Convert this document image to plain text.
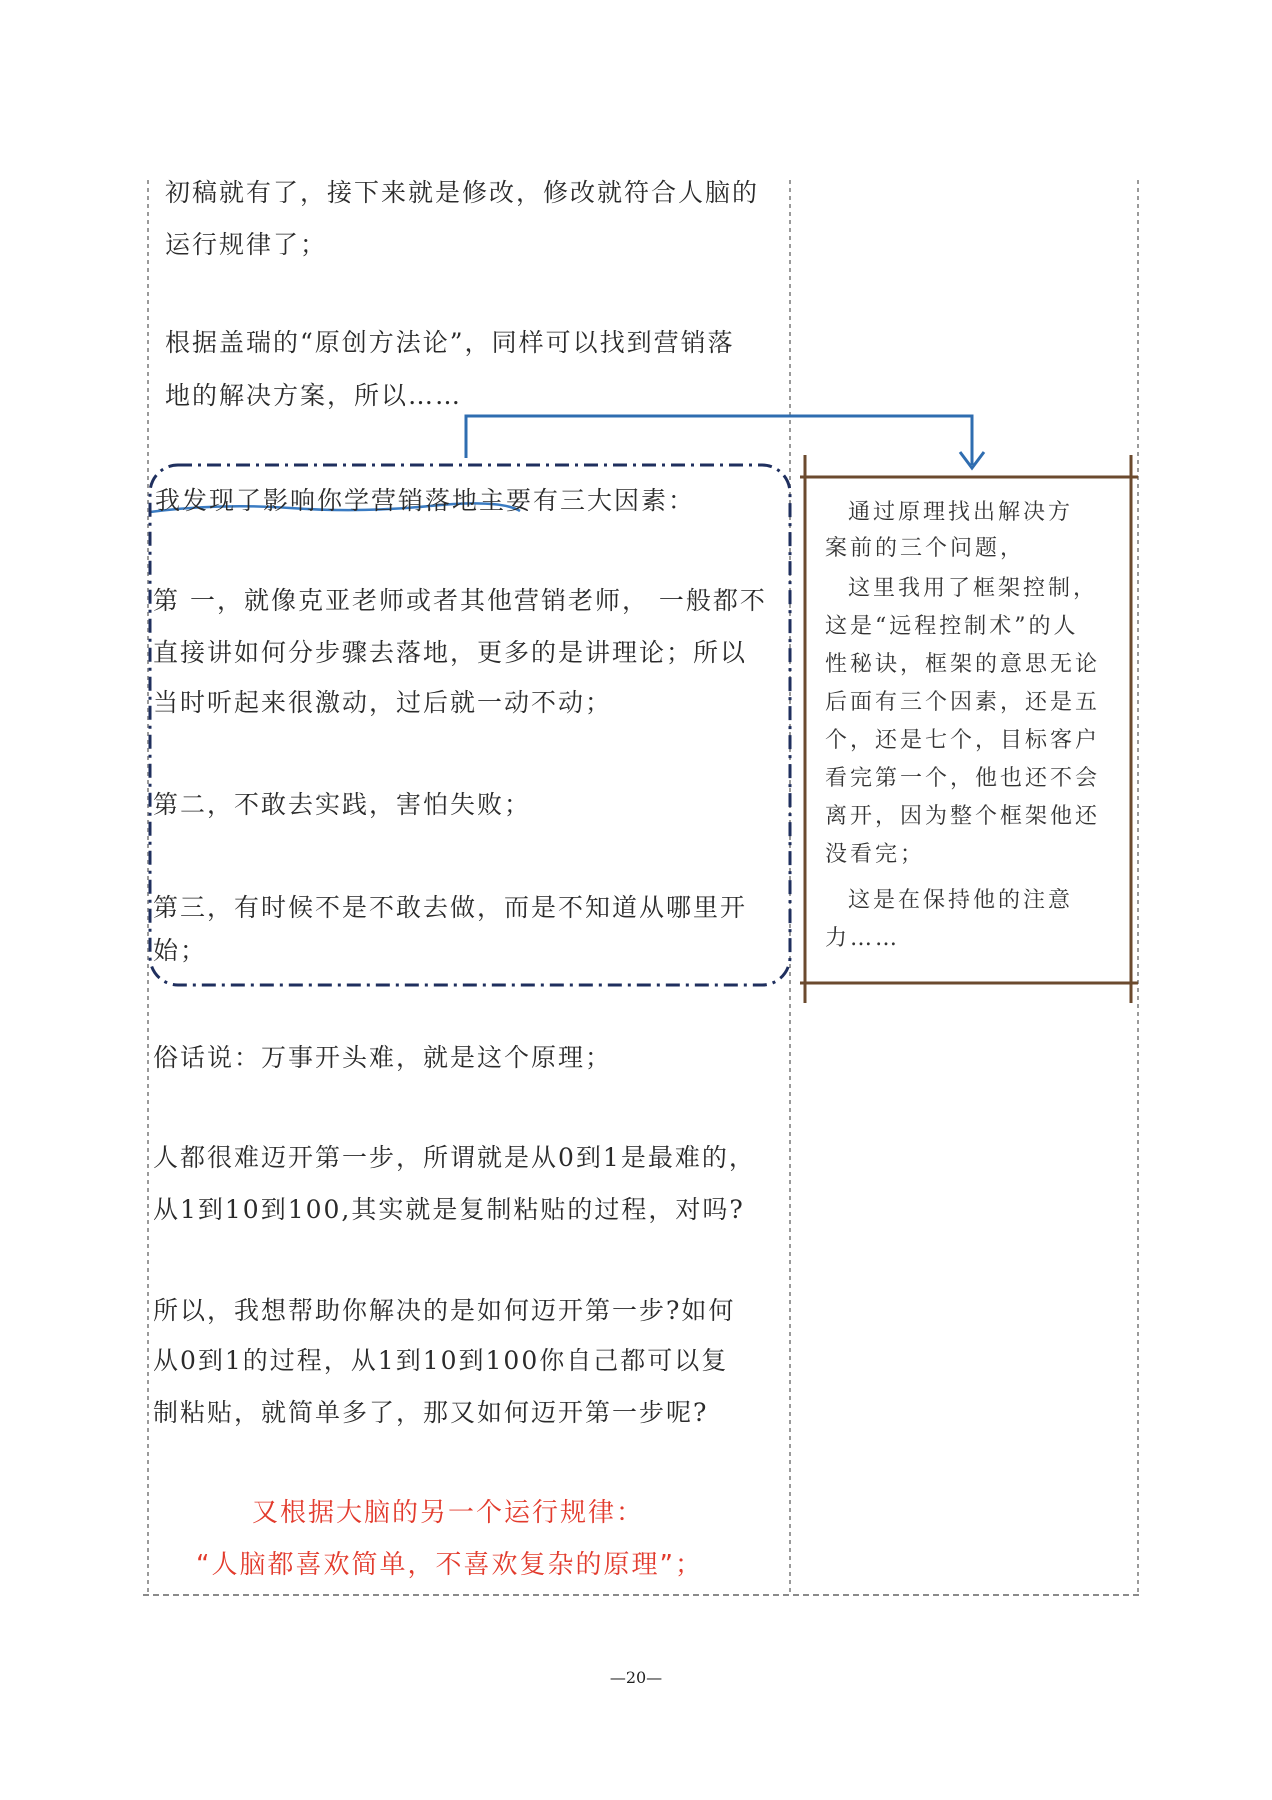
初稿就有了，接下来就是修改，修改就符合人脑的
运行规律了；
根据盖瑞的“原创方法论”，同样可以找到营销落
地的解决方案，所以……
我发现了影响你学营销落地主要有三大因素：
第 一，就像克亚老师或者其他营销老师， 一般都不
直接讲如何分步骤去落地，更多的是讲理论；所以
当时听起来很激动，过后就一动不动；
第二，不敢去实践，害怕失败；
第三，有时候不是不敢去做，而是不知道从哪里开
始；
俗话说：万事开头难，就是这个原理；
人都很难迈开第一步，所谓就是从0到1是最难的，
从1到10到100,其实就是复制粘贴的过程，对吗?
所以，我想帮助你解决的是如何迈开第一步?如何
从0到1的过程，从1到10到100你自己都可以复
制粘贴，就简单多了，那又如何迈开第一步呢?
又根据大脑的另一个运行规律：
“人脑都喜欢简单，不喜欢复杂的原理”；
通过原理找出解决方
案前的三个问题，
这里我用了框架控制，
这是“远程控制术”的人
性秘诀，框架的意思无论
后面有三个因素，还是五
个，还是七个，目标客户
看完第一个，他也还不会
离开，因为整个框架他还
没看完；
这是在保持他的注意
力……
—20—
